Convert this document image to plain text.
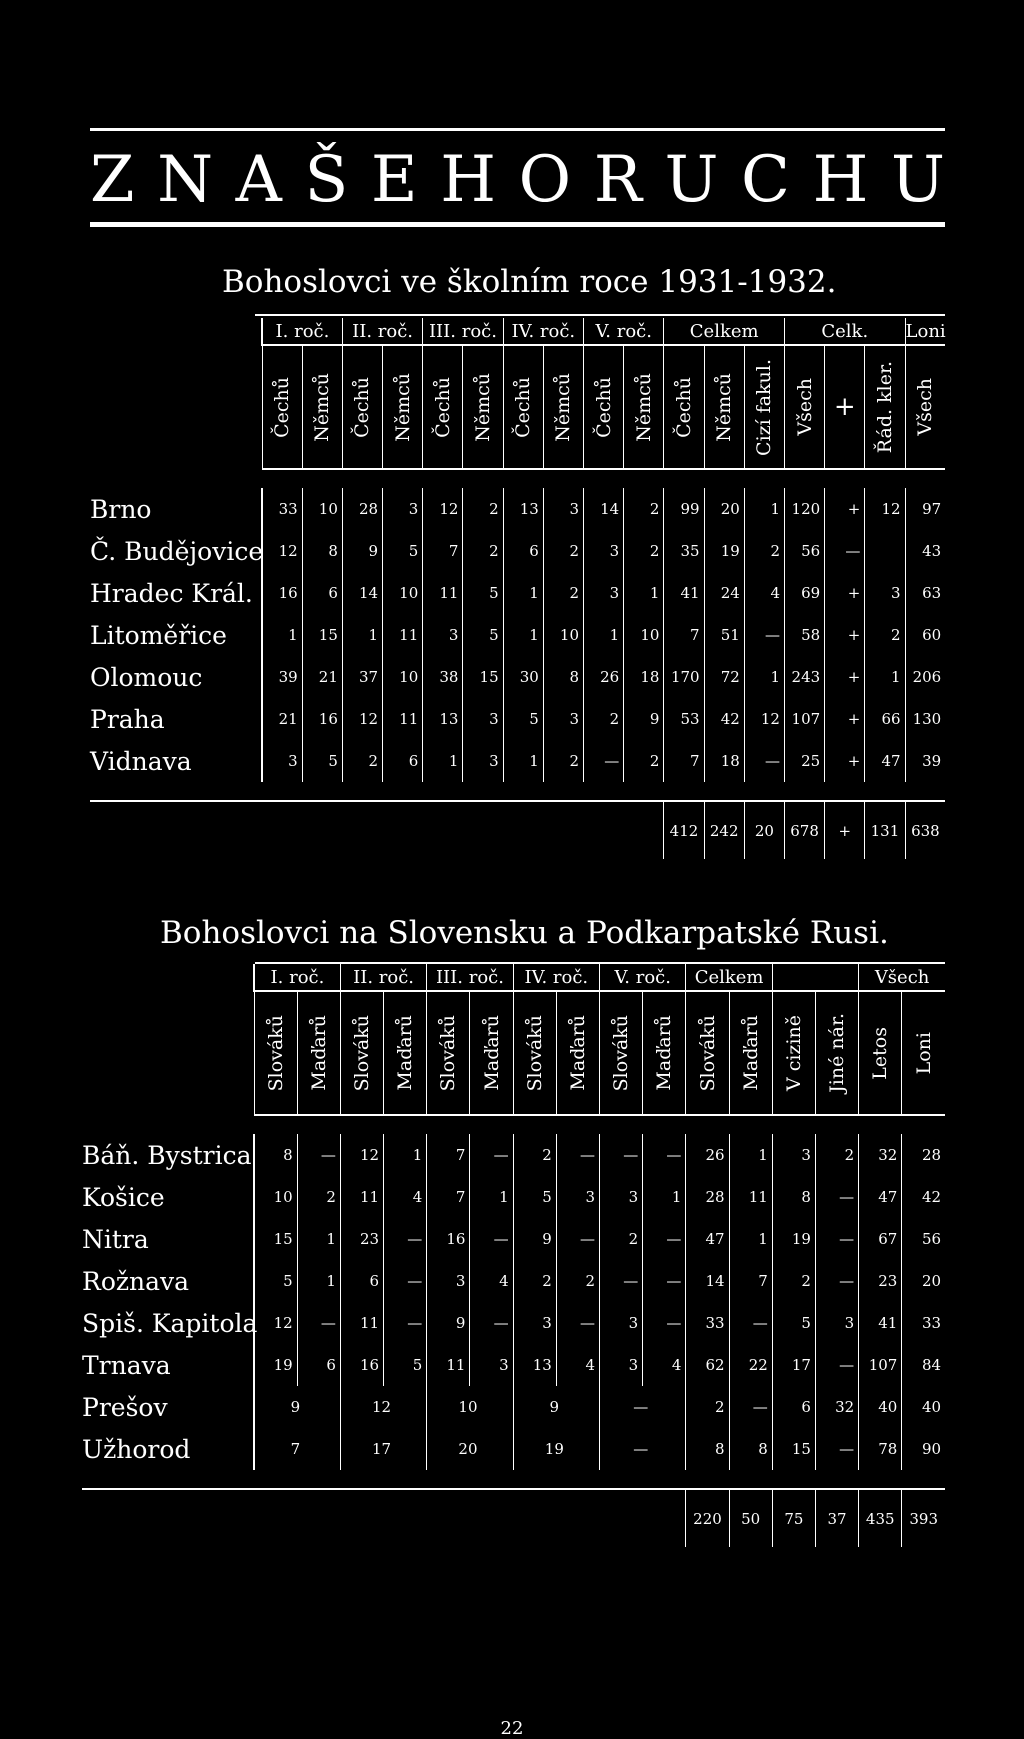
Z N A Š E H O R U C H U
Bohoslovci ve školním roce 1931-1932.
	I. roč.		II. roč.		III. roč.		IV. roč.		V. roč.		Celkem			Celk.			Loni

	Čechů	Němců	Čechů	Němců	Čechů	Němců	Čechů	Němců	Čechů	Němců	Čechů	Němců	Cizí fakul.	Všech	+	Řád. kler.	Všech

Brno	33	10	28	3	12	2	13	3	14	2	99	20	1	120	+	12	97
Č. Budějovice	12	8	9	5	7	2	6	2	3	2	35	19	2	56	—		43
Hradec Král.	16	6	14	10	11	5	1	2	3	1	41	24	4	69	+	3	63
Litoměřice	1	15	1	11	3	5	1	10	1	10	7	51	—	58	+	2	60
Olomouc	39	21	37	10	38	15	30	8	26	18	170	72	1	243	+	1	206
Praha	21	16	12	11	13	3	5	3	2	9	53	42	12	107	+	66	130
Vidnava	3	5	2	6	1	3	1	2	—	2	7	18	—	25	+	47	39

											412	242	20	678	+	131	638
Bohoslovci na Slovensku a Podkarpatské Rusi.
	I. roč.		II. roč.		III. roč.		IV. roč.		V. roč.		Celkem				Všech	

	Slováků	Maďarů	Slováků	Maďarů	Slováků	Maďarů	Slováků	Maďarů	Slováků	Maďarů	Slováků	Maďarů	V cizině	Jiné nár.	Letos	Loni

Báň. Bystrica	8	—	12	1	7	—	2	—	—	—	26	1	3	2	32	28
Košice	10	2	11	4	7	1	5	3	3	1	28	11	8	—	47	42
Nitra	15	1	23	—	16	—	9	—	2	—	47	1	19	—	67	56
Rožnava	5	1	6	—	3	4	2	2	—	—	14	7	2	—	23	20
Spiš. Kapitola	12	—	11	—	9	—	3	—	3	—	33	—	5	3	41	33
Trnava	19	6	16	5	11	3	13	4	3	4	62	22	17	—	107	84
Prešov	9		12		10		9		—		2	—	6	32	40	40
Užhorod	7		17		20		19		—		8	8	15	—	78	90

											220	50	75	37	435	393
22
